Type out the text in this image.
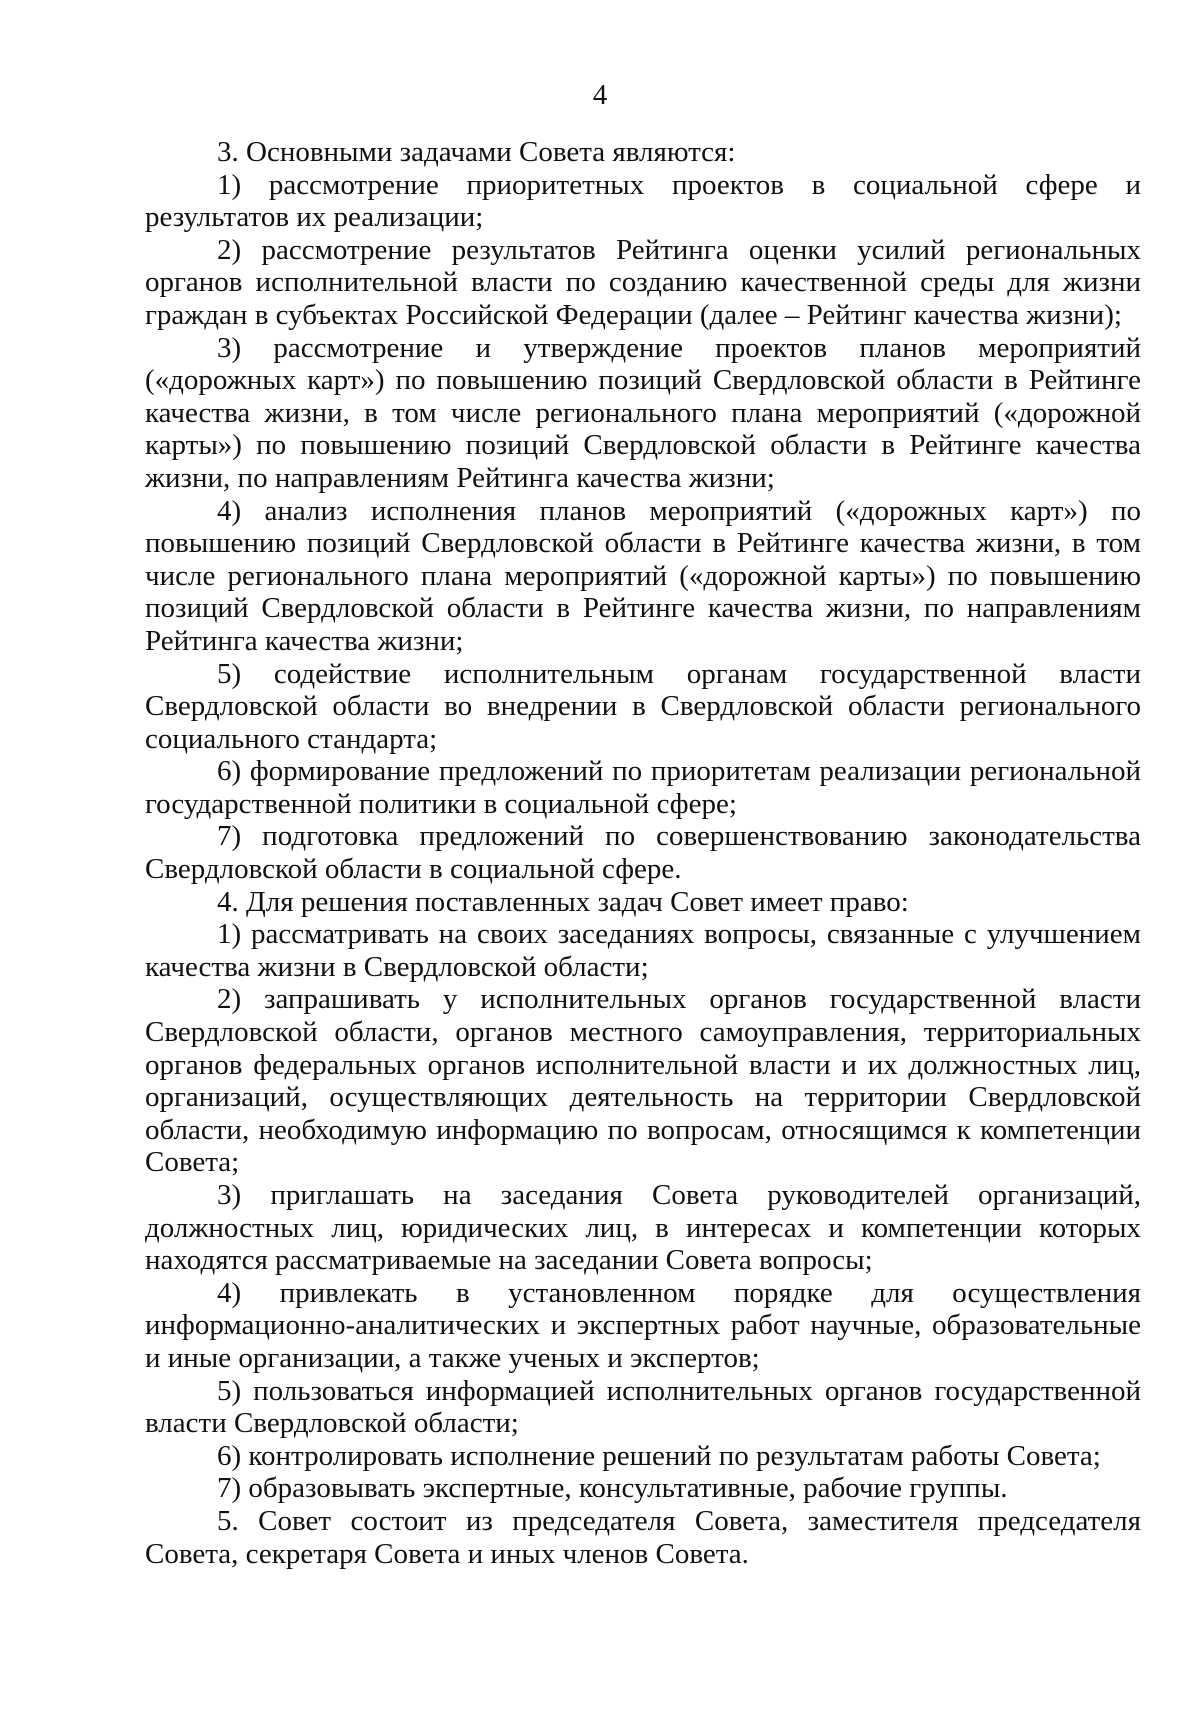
4

3. Основными задачами Совета являются:

1) рассмотрение приоритетных проектов в социальной сфере и результатов их реализации;

2) рассмотрение результатов Рейтинга оценки усилий региональных органов исполнительной власти по созданию качественной среды для жизни граждан в субъектах Российской Федерации (далее – Рейтинг качества жизни);

3) рассмотрение и утверждение проектов планов мероприятий («дорожных карт») по повышению позиций Свердловской области в Рейтинге качества жизни, в том числе регионального плана мероприятий («дорожной карты») по повышению позиций Свердловской области в Рейтинге качества жизни, по направлениям Рейтинга качества жизни;

4) анализ исполнения планов мероприятий («дорожных карт») по повышению позиций Свердловской области в Рейтинге качества жизни, в том числе регионального плана мероприятий («дорожной карты») по повышению позиций Свердловской области в Рейтинге качества жизни, по направлениям Рейтинга качества жизни;

5) содействие исполнительным органам государственной власти Свердловской области во внедрении в Свердловской области регионального социального стандарта;

6) формирование предложений по приоритетам реализации региональной государственной политики в социальной сфере;

7) подготовка предложений по совершенствованию законодательства Свердловской области в социальной сфере.

4. Для решения поставленных задач Совет имеет право:

1) рассматривать на своих заседаниях вопросы, связанные с улучшением качества жизни в Свердловской области;

2) запрашивать у исполнительных органов государственной власти Свердловской области, органов местного самоуправления, территориальных органов федеральных органов исполнительной власти и их должностных лиц, организаций, осуществляющих деятельность на территории Свердловской области, необходимую информацию по вопросам, относящимся к компетенции Совета;

3) приглашать на заседания Совета руководителей организаций, должностных лиц, юридических лиц, в интересах и компетенции которых находятся рассматриваемые на заседании Совета вопросы;

4) привлекать в установленном порядке для осуществления информационно-аналитических и экспертных работ научные, образовательные и иные организации, а также ученых и экспертов;

5) пользоваться информацией исполнительных органов государственной власти Свердловской области;

6) контролировать исполнение решений по результатам работы Совета;

7) образовывать экспертные, консультативные, рабочие группы.

5. Совет состоит из председателя Совета, заместителя председателя Совета, секретаря Совета и иных членов Совета.
